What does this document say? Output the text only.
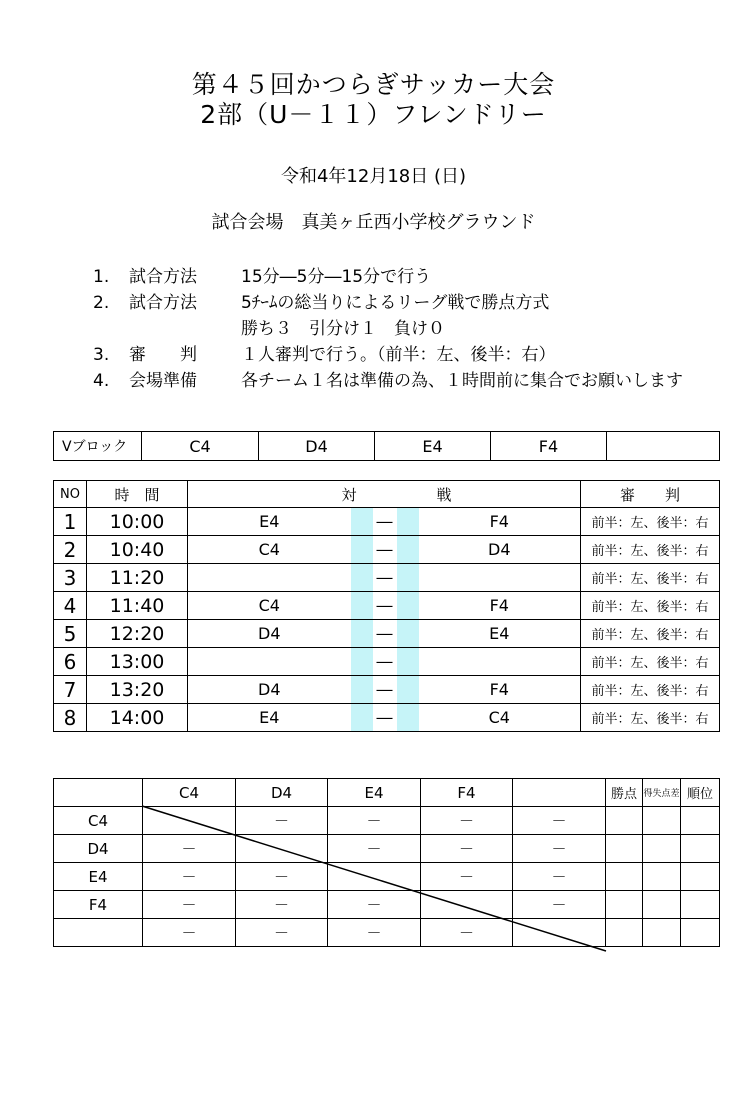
第４５回かつらぎサッカー大会
2部（U－１１）フレンドリー
令和4年12月18日 (日)
試合会場　真美ヶ丘西小学校グラウンド
1. 試合方法	15分―5分―15分で行う
2. 試合方法	5ﾁｰﾑの総当りによるリーグ戦で勝点方式
勝ち３　引分け１　負け０
3. 審　　判	１人審判で行う。（前半：左、後半：右）
4. 会場準備	各チーム１名は準備の為、１時間前に集合でお願いします
Vブロック	C4	D4	E4	F4	
NO	時　間	対			戦		審　　判
1	10:00	E4		―		F4	前半：左、後半：右
2	10:40	C4		―		D4	前半：左、後半：右
3	11:20			―			前半：左、後半：右
4	11:40	C4		―		F4	前半：左、後半：右
5	12:20	D4		―		E4	前半：左、後半：右
6	13:00			―			前半：左、後半：右
7	13:20	D4		―		F4	前半：左、後半：右
8	14:00	E4		―		C4	前半：左、後半：右
	C4	D4	E4	F4		勝点	得失点差	順位
C4		－	－	－	－			
D4	－		－	－	－			
E4	－	－		－	－			
F4	－	－	－		－			
	－	－	－	－				
